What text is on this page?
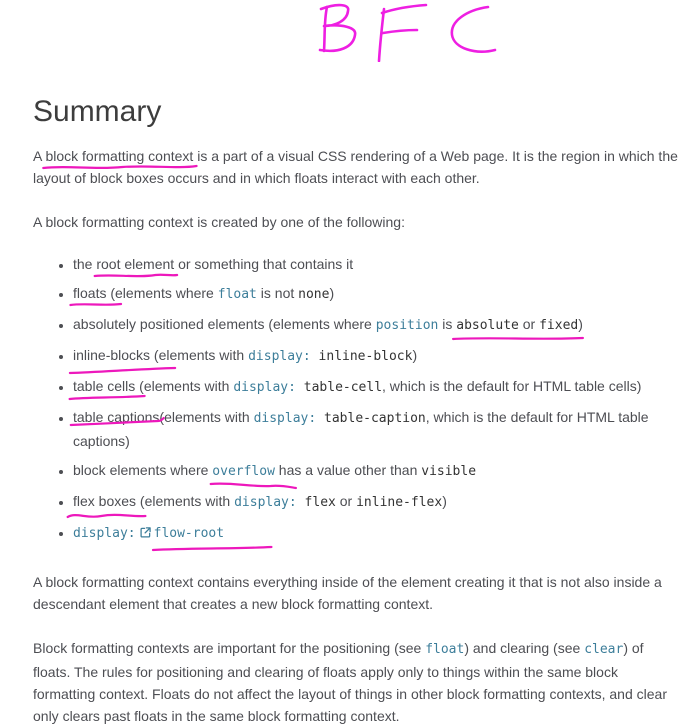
Summary

A block formatting context
is a part of a visual CSS rendering of a Web page. It is the region in which the layout of block boxes occurs and in which floats interact with each other.

A block formatting context is created by one of the following:

• the root element
or something that contains it
• floats
(elements where float is not none)
• absolutely positioned elements (elements where position is absolute or fixed
)
• inline-blocks
(elements with display: inline-block)
• table cells
(elements with display: table-cell, which is the default for HTML table cells)
• table captions
(elements with display: table-caption, which is the default for HTML table captions)
• block elements where overflow
has a value other than visible
• flex boxes
(elements with display: flex or inline-flex)
• display: flow-root

A block formatting context contains everything inside of the element creating it that is not also inside a descendant element that creates a new block formatting context.

Block formatting contexts are important for the positioning (see float) and clearing (see clear) of floats. The rules for positioning and clearing of floats apply only to things within the same block formatting context. Floats do not affect the layout of things in other block formatting contexts, and clear only clears past floats in the same block formatting context.
